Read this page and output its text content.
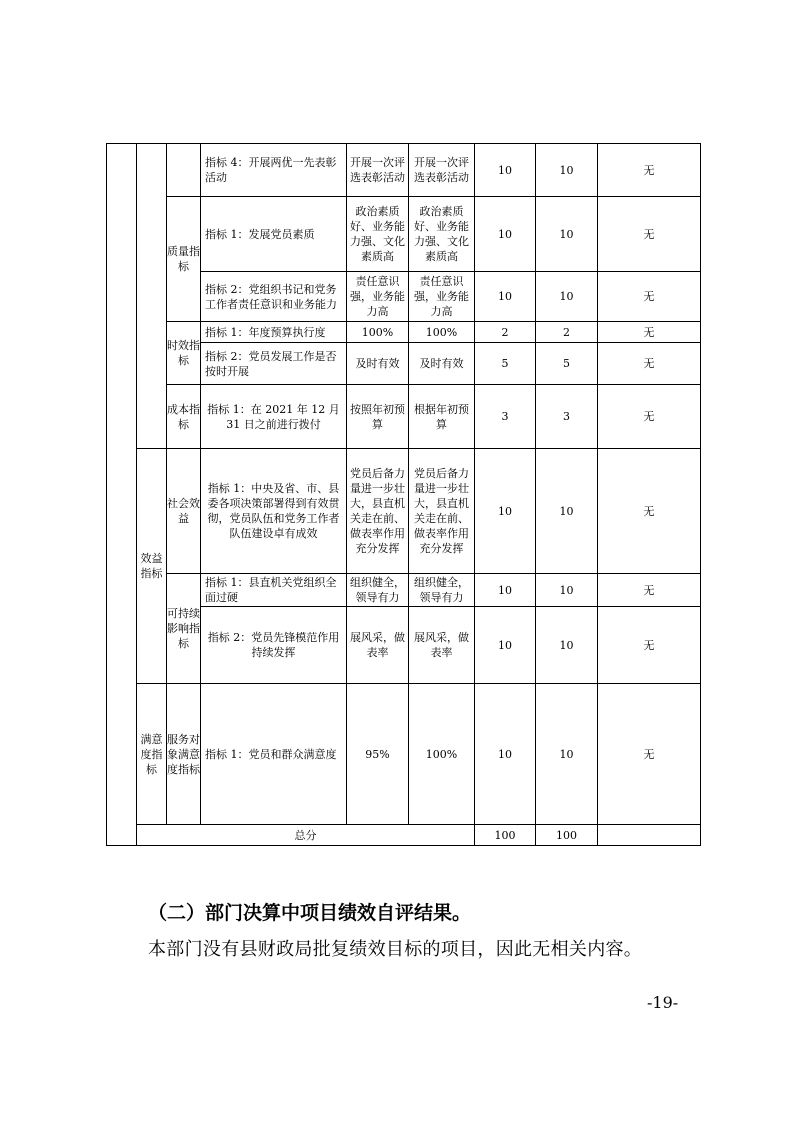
			指标 4：开展两优一先表彰活动	开展一次评选表彰活动	开展一次评选表彰活动	10	10	无
		质量指标	指标 1：发展党员素质	政治素质好、业务能力强、文化素质高	政治素质好、业务能力强、文化素质高	10	10	无
			指标 2：党组织书记和党务工作者责任意识和业务能力	责任意识强，业务能力高	责任意识强，业务能力高	10	10	无
		时效指标	指标 1：年度预算执行度	100%	100%	2	2	无
			指标 2：党员发展工作是否按时开展	及时有效	及时有效	5	5	无
		成本指标	指标 1：在 2021 年 12 月 31 日之前进行拨付	按照年初预算	根据年初预算	3	3	无
	效益指标	社会效益	指标 1：中央及省、市、县委各项决策部署得到有效贯彻，党员队伍和党务工作者队伍建设卓有成效	党员后备力量进一步壮大，县直机关走在前、做表率作用充分发挥	党员后备力量进一步壮大，县直机关走在前、做表率作用充分发挥	10	10	无
		可持续影响指标	指标 1：县直机关党组织全面过硬	组织健全，领导有力	组织健全，领导有力	10	10	无
			指标 2：党员先锋模范作用持续发挥	展风采，做表率	展风采，做表率	10	10	无
	满意度指标	服务对象满意度指标	指标 1：党员和群众满意度	95%	100%	10	10	无
	总分					100	100	
（二）部门决算中项目绩效自评结果。
本部门没有县财政局批复绩效目标的项目，因此无相关内容。
-19-
